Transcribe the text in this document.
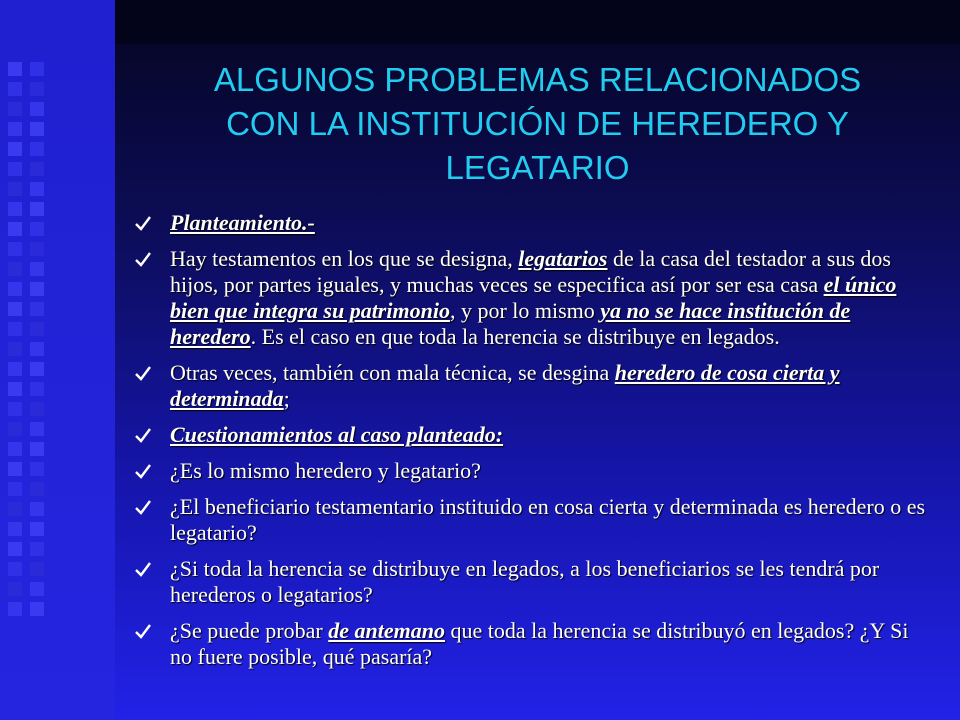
ALGUNOS PROBLEMAS RELACIONADOS
CON LA INSTITUCIÓN DE HEREDERO Y
LEGATARIO
Planteamiento.-
Hay testamentos en los que se designa, legatarios de la casa del testador a sus dos hijos, por partes iguales, y muchas veces se especifica así por ser esa casa el único bien que integra su patrimonio, y por lo mismo ya no se hace institución de heredero. Es el caso en que toda la herencia se distribuye en legados.
Otras veces, también con mala técnica, se desgina heredero de cosa cierta y determinada;
Cuestionamientos al caso planteado:
¿Es lo mismo heredero y legatario?
¿El beneficiario testamentario instituido en cosa cierta y determinada es heredero o es legatario?
¿Si toda la herencia se distribuye en legados, a los beneficiarios se les tendrá por herederos o legatarios?
¿Se puede probar de antemano que toda la herencia se distribuyó en legados? ¿Y Si no fuere posible, qué pasaría?
